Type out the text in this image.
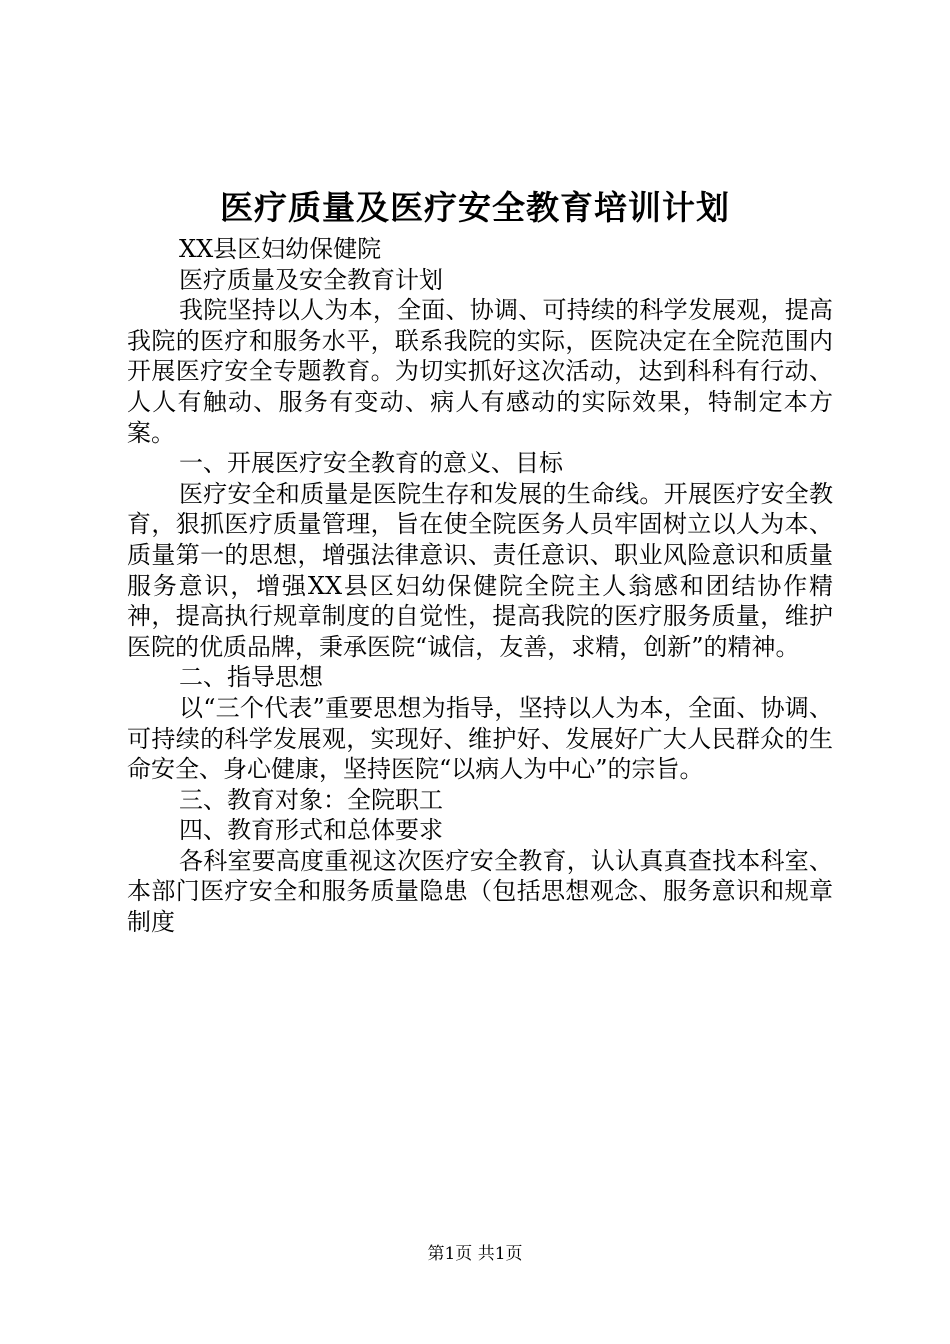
医疗质量及医疗安全教育培训计划

XX县区妇幼保健院

医疗质量及安全教育计划

我院坚持以人为本，全面、协调、可持续的科学发展观，提高我院的医疗和服务水平，联系我院的实际，医院决定在全院范围内开展医疗安全专题教育。为切实抓好这次活动，达到科科有行动、人人有触动、服务有变动、病人有感动的实际效果，特制定本方案。

一、开展医疗安全教育的意义、目标

医疗安全和质量是医院生存和发展的生命线。开展医疗安全教育，狠抓医疗质量管理，旨在使全院医务人员牢固树立以人为本、质量第一的思想，增强法律意识、责任意识、职业风险意识和质量服务意识，增强XX县区妇幼保健院全院主人翁感和团结协作精神，提高执行规章制度的自觉性，提高我院的医疗服务质量，维护医院的优质品牌，秉承医院“诚信，友善，求精，创新”的精神。

二、指导思想

以“三个代表”重要思想为指导，坚持以人为本，全面、协调、可持续的科学发展观，实现好、维护好、发展好广大人民群众的生命安全、身心健康，坚持医院“以病人为中心”的宗旨。

三、教育对象：全院职工

四、教育形式和总体要求

各科室要高度重视这次医疗安全教育，认认真真查找本科室、本部门医疗安全和服务质量隐患（包括思想观念、服务意识和规章制度

第1页 共1页
